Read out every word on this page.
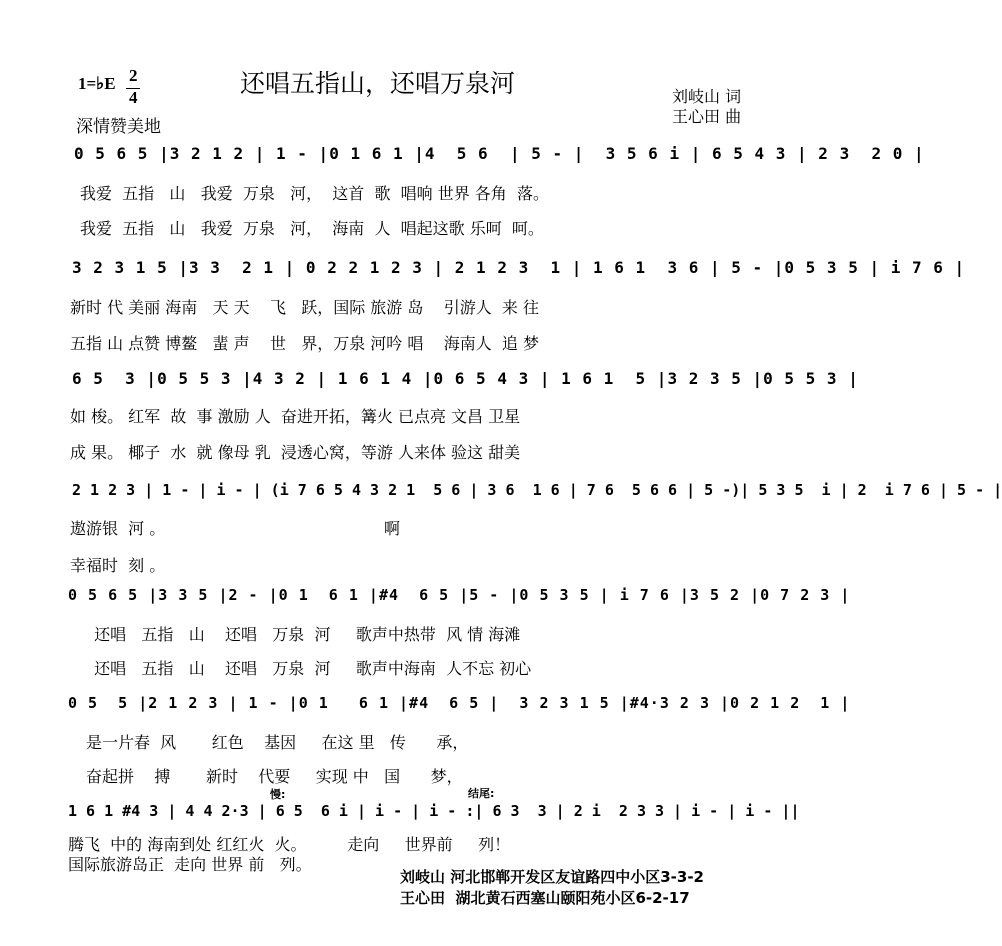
1=♭E 2
4	还唱五指山，还唱万泉河
深情赞美地
刘岐山 词
王心田 曲
0 5 6 5 |3 2 1 2 | 1 - |0 1 6 1 |4  5 6  | 5 - |  3 5 6 i | 6 5 4 3 | 2 3  2 0 |
我爱  五指   山   我爱  万泉   河，  这首  歌  唱响 世界 各角  落。
我爱  五指   山   我爱  万泉   河，  海南  人  唱起这歌 乐呵  呵。
3 2 3 1 5 |3 3  2 1 | 0 2 2 1 2 3 | 2 1 2 3  1 | 1 6 1  3 6 | 5 - |0 5 3 5 | i 7 6 |
新时 代 美丽 海南   天 天    飞   跃，国际 旅游 岛    引游人  来 往
五指 山 点赞 博鳌   蜚 声    世   界，万泉 河吟 唱    海南人  追 梦
6 5  3 |0 5 5 3 |4 3 2 | 1 6 1 4 |0 6 5 4 3 | 1 6 1  5 |3 2 3 5 |0 5 5 3 |
如 梭。 红军  故  事 激励 人  奋进开拓，篝火 已点亮 文昌 卫星
成 果。 椰子  水  就 像母 乳  浸透心窝，等游 人来体 验这 甜美
2 1 2 3 | 1 - | i - | (i 7 6 5 4 3 2 1  5 6 | 3 6  1 6 | 7 6  5 6 6 | 5 -)| 5 3 5  i | 2  i 7 6 | 5 - |
遨游银  河 。                                           啊
幸福时  刻 。
0 5 6 5 |3 3 5 |2 - |0 1  6 1 |#4  6 5 |5 - |0 5 3 5 | i 7 6 |3 5 2 |0 7 2 3 |
还唱   五指   山    还唱   万泉  河     歌声中热带  风 情 海滩
还唱   五指   山    还唱   万泉  河     歌声中海南  人不忘 初心
0 5  5 |2 1 2 3 | 1 - |0 1   6 1 |#4  6 5 |  3 2 3 1 5 |#4·3 2 3 |0 2 1 2  1 |
是一片春  风       红色    基因     在这 里   传      承，
奋起拼    搏       新时    代要     实现 中   国      梦，
慢:	结尾:
1 6 1 #4 3 | 4 4 2·3 | 6 5  6 i | i - | i - :| 6 3  3 | 2 i  2 3 3 | i - | i - ||
腾飞  中的 海南到处 红红火  火。        走向     世界前     列！
国际旅游岛正  走向 世界 前   列。
刘岐山 河北邯郸开发区友谊路四中小区3-3-2
王心田  湖北黄石西塞山颐阳苑小区6-2-17
